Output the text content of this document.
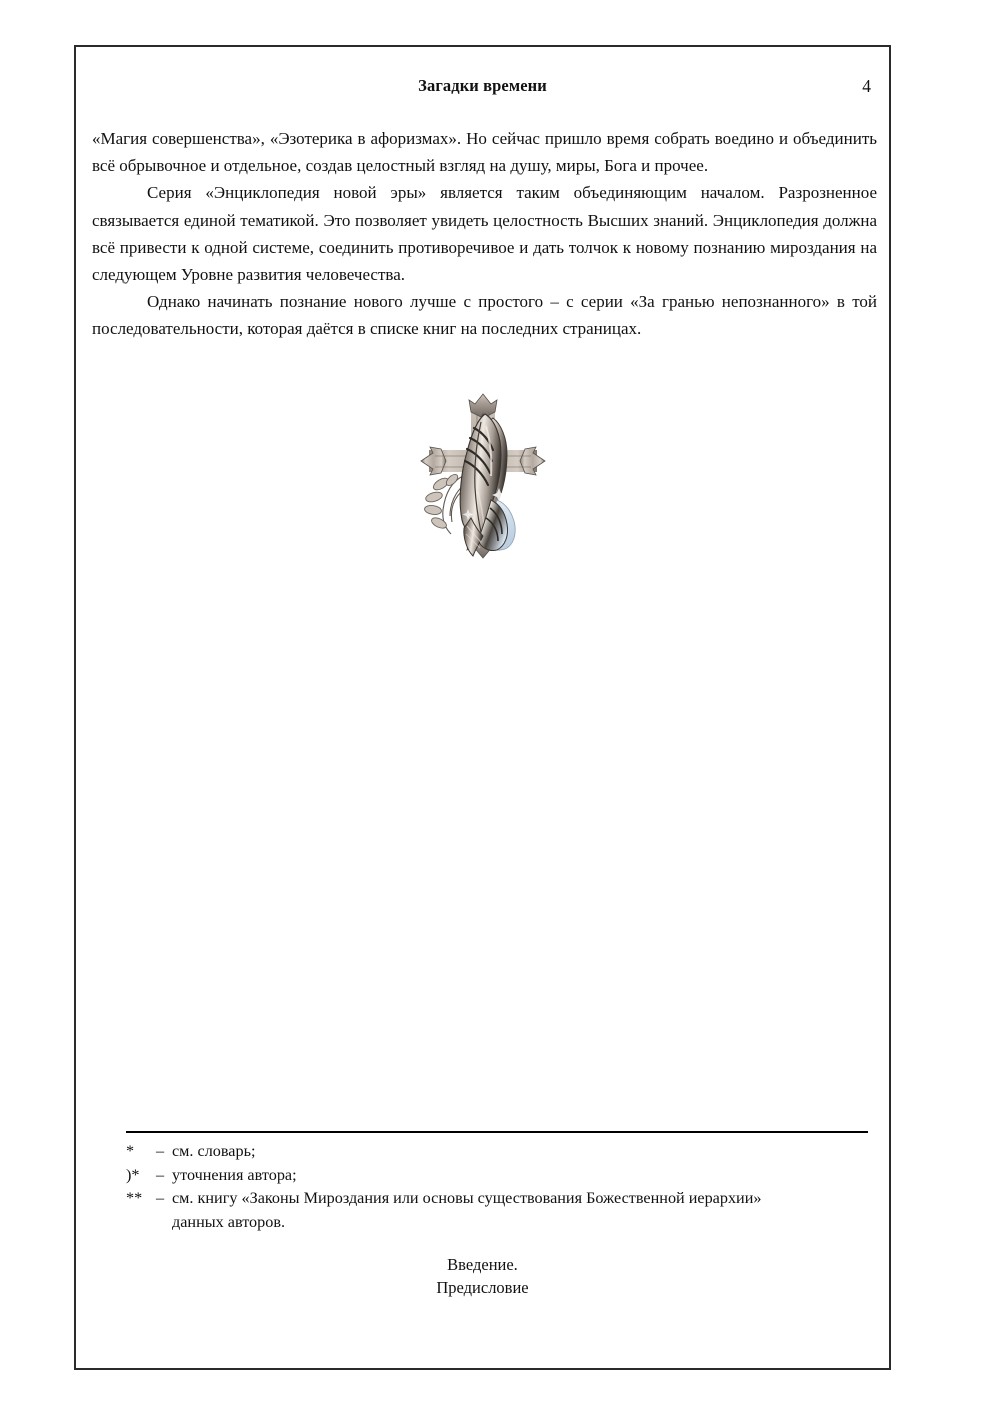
Загадки времени	4

«Магия совершенства», «Эзотерика в афоризмах». Но сейчас пришло время собрать воедино и объединить всё обрывочное и отдельное, создав целостный взгляд на душу, миры, Бога и прочее.

Серия «Энциклопедия новой эры» является таким объединяющим началом. Разрозненное связывается единой тематикой. Это позволяет увидеть целостность Высших знаний. Энциклопедия должна всё привести к одной системе, соединить противоречивое и дать толчок к новому познанию мироздания на следующем Уровне развития человечества.

Однако начинать познание нового лучше с простого – с серии «За гранью непознанного» в той последовательности, которая даётся в списке книг на последних страницах.

*	– см. словарь;
)*	– уточнения автора;
** – см. книгу «Законы Мироздания или основы существования Божественной иерархии»
данных авторов.
Введение.
Предисловие
